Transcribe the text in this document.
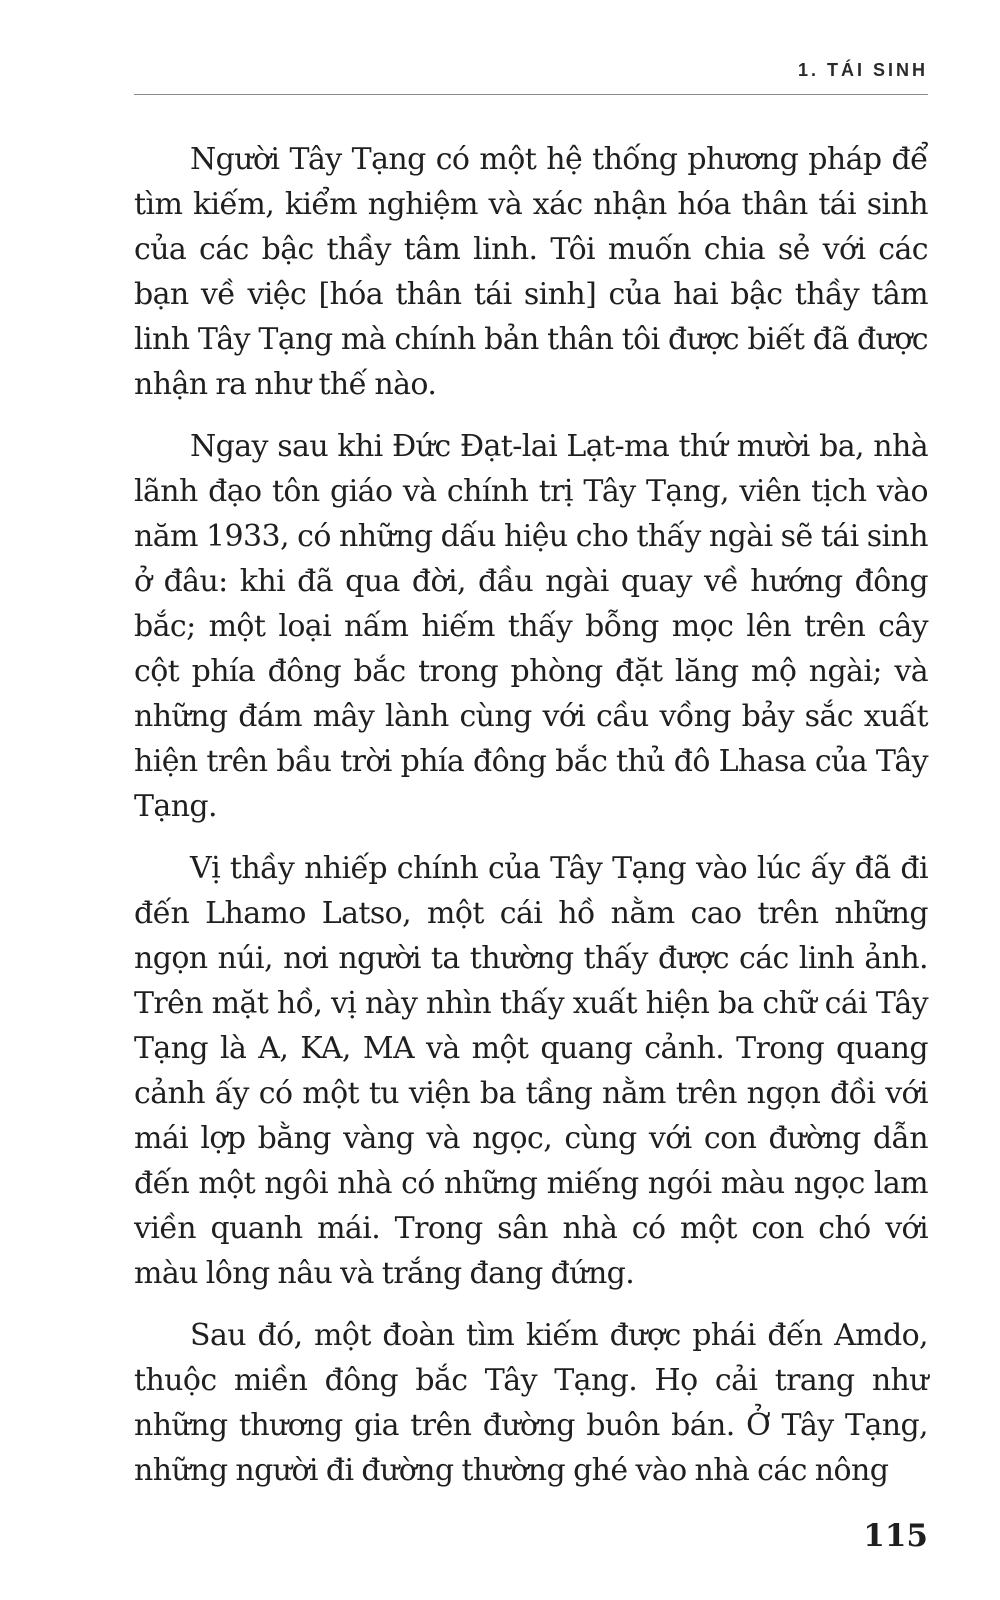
1. TÁI SINH

Người Tây Tạng có một hệ thống phương pháp để tìm kiếm, kiểm nghiệm và xác nhận hóa thân tái sinh của các bậc thầy tâm linh. Tôi muốn chia sẻ với các bạn về việc [hóa thân tái sinh] của hai bậc thầy tâm linh Tây Tạng mà chính bản thân tôi được biết đã được nhận ra như thế nào.

Ngay sau khi Đức Đạt-lai Lạt-ma thứ mười ba, nhà lãnh đạo tôn giáo và chính trị Tây Tạng, viên tịch vào năm 1933, có những dấu hiệu cho thấy ngài sẽ tái sinh ở đâu: khi đã qua đời, đầu ngài quay về hướng đông bắc; một loại nấm hiếm thấy bỗng mọc lên trên cây cột phía đông bắc trong phòng đặt lăng mộ ngài; và những đám mây lành cùng với cầu vồng bảy sắc xuất hiện trên bầu trời phía đông bắc thủ đô Lhasa của Tây Tạng.

Vị thầy nhiếp chính của Tây Tạng vào lúc ấy đã đi đến Lhamo Latso, một cái hồ nằm cao trên những ngọn núi, nơi người ta thường thấy được các linh ảnh. Trên mặt hồ, vị này nhìn thấy xuất hiện ba chữ cái Tây Tạng là A, KA, MA và một quang cảnh. Trong quang cảnh ấy có một tu viện ba tầng nằm trên ngọn đồi với mái lợp bằng vàng và ngọc, cùng với con đường dẫn đến một ngôi nhà có những miếng ngói màu ngọc lam viền quanh mái. Trong sân nhà có một con chó với màu lông nâu và trắng đang đứng.

Sau đó, một đoàn tìm kiếm được phái đến Amdo, thuộc miền đông bắc Tây Tạng. Họ cải trang như những thương gia trên đường buôn bán. Ở Tây Tạng, những người đi đường thường ghé vào nhà các nông

115
